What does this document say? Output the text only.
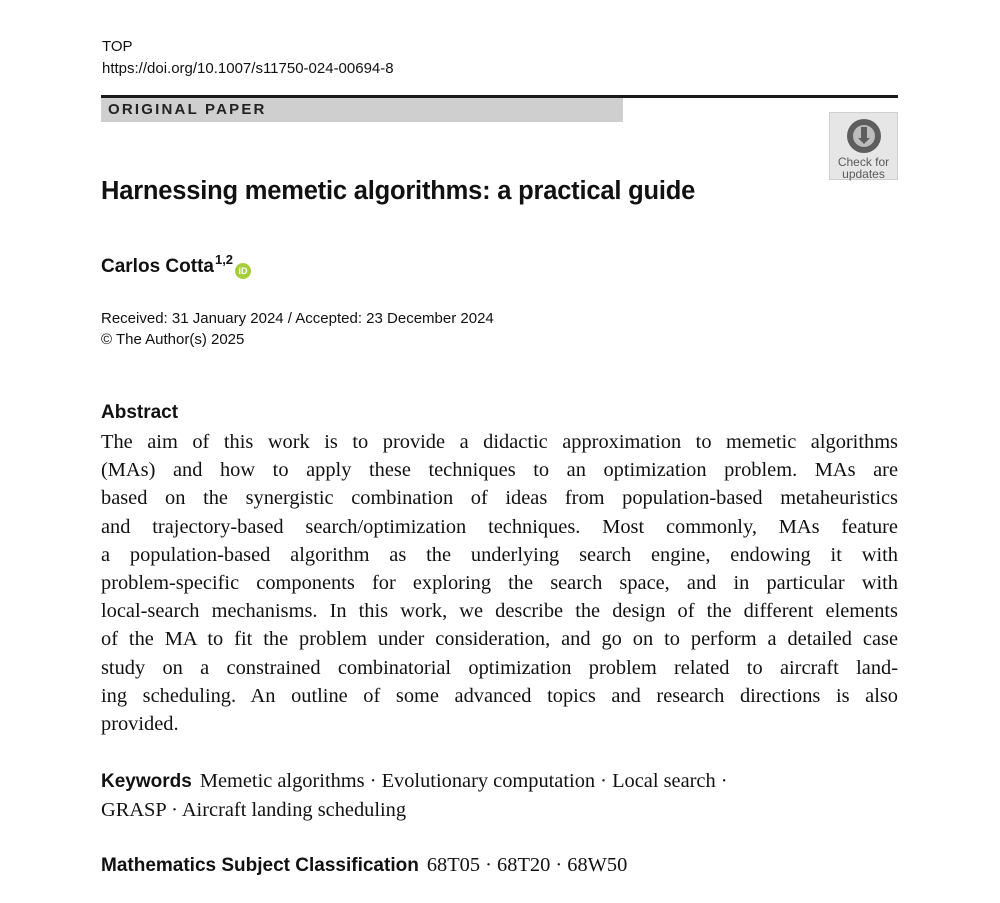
TOP
https://doi.org/10.1007/s11750-024-00694-8
ORIGINAL PAPER
Check for
updates
Harnessing memetic algorithms: a practical guide
Carlos Cotta$^{1,2}$iD
Received: 31 January 2024 / Accepted: 23 December 2024
© The Author(s) 2025
Abstract
The aim of this work is to provide a didactic approximation to memetic algorithms
(MAs) and how to apply these techniques to an optimization problem. MAs are
based on the synergistic combination of ideas from population-based metaheuristics
and trajectory-based search/optimization techniques. Most commonly, MAs feature
a population-based algorithm as the underlying search engine, endowing it with
problem-specific components for exploring the search space, and in particular with
local-search mechanisms. In this work, we describe the design of the different elements
of the MA to fit the problem under consideration, and go on to perform a detailed case
study on a constrained combinatorial optimization problem related to aircraft land-
ing scheduling. An outline of some advanced topics and research directions is also
provided.
Keywords Memetic algorithms · Evolutionary computation · Local search ·
GRASP · Aircraft landing scheduling
Mathematics Subject Classification 68T05 · 68T20 · 68W50
